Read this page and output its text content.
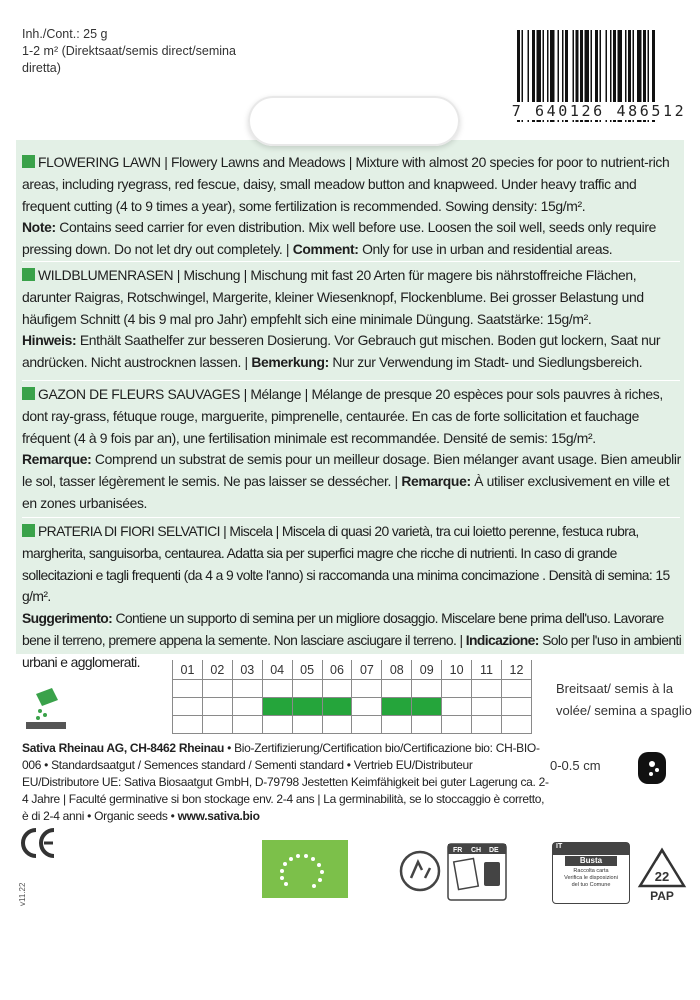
Inh./Cont.: 25 g
1-2 m² (Direktsaat/semis direct/semina
diretta)
7 640126 486512
FLOWERING LAWN | Flowery Lawns and Meadows | Mixture with almost 20 species for poor to nutrient-rich areas, including ryegrass, red fescue, daisy, small meadow button and knapweed. Under heavy traffic and frequent cutting (4 to 9 times a year), some fertilization is recommended. Sowing density: 15g/m².
Note: Contains seed carrier for even distribution. Mix well before use. Loosen the soil well, seeds only require pressing down. Do not let dry out completely. | Comment: Only for use in urban and residential areas.
WILDBLUMENRASEN | Mischung | Mischung mit fast 20 Arten für magere bis nährstoffreiche Flächen, darunter Raigras, Rotschwingel, Margerite, kleiner Wiesenknopf, Flockenblume. Bei grosser Belastung und häufigem Schnitt (4 bis 9 mal pro Jahr) empfehlt sich eine minimale Düngung. Saatstärke: 15g/m².
Hinweis: Enthält Saathelfer zur besseren Dosierung. Vor Gebrauch gut mischen. Boden gut lockern, Saat nur andrücken. Nicht austrocknen lassen. | Bemerkung: Nur zur Verwendung im Stadt- und Siedlungsbereich.
GAZON DE FLEURS SAUVAGES | Mélange | Mélange de presque 20 espèces pour sols pauvres à riches, dont ray-grass, fétuque rouge, marguerite, pimprenelle, centaurée. En cas de forte sollicitation et fauchage fréquent (4 à 9 fois par an), une fertilisation minimale est recommandée. Densité de semis: 15g/m².
Remarque: Comprend un substrat de semis pour un meilleur dosage. Bien mélanger avant usage. Bien ameublir le sol, tasser légèrement le semis. Ne pas laisser se dessécher. | Remarque: À utiliser exclusivement en ville et en zones urbanisées.
PRATERIA DI FIORI SELVATICI | Miscela | Miscela di quasi 20 varietà, tra cui loietto perenne, festuca rubra, margherita, sanguisorba, centaurea. Adatta sia per superfici magre che ricche di nutrienti. In caso di grande sollecitazioni e tagli frequenti (da 4 a 9 volte l'anno) si raccomanda una minima concimazione . Densità di semina: 15 g/m².
Suggerimento: Contiene un supporto di semina per un migliore dosaggio. Miscelare bene prima dell'uso. Lavorare bene il terreno, premere appena la semente. Non lasciare asciugare il terreno. | Indicazione: Solo per l'uso in ambienti urbani e agglomerati.	01	02	03	04	05	06	07	08	09	10	11	12

Breitsaat/ semis à la volée/ semina a spaglio
0-0.5 cm
Sativa Rheinau AG, CH-8462 Rheinau • Bio-Zertifizierung/Certification bio/Certificazione bio: CH-BIO-006 • Standardsaatgut / Semences standard / Sementi standard • Vertrieb EU/Distributeur EU/Distributore UE: Sativa Biosaatgut GmbH, D-79798 Jestetten Keimfähigkeit bei guter Lagerung ca. 2-4 Jahre | Faculté germinative si bon stockage env. 2-4 ans | La germinabilità, se lo stoccaggio è corretto, è di 2-4 anni • Organic seeds • www.sativa.bio
v11.22
FR CH DE
IT
Busta
Raccolta carta
Verifica le disposizioni
del tuo Comune
22
PAP
